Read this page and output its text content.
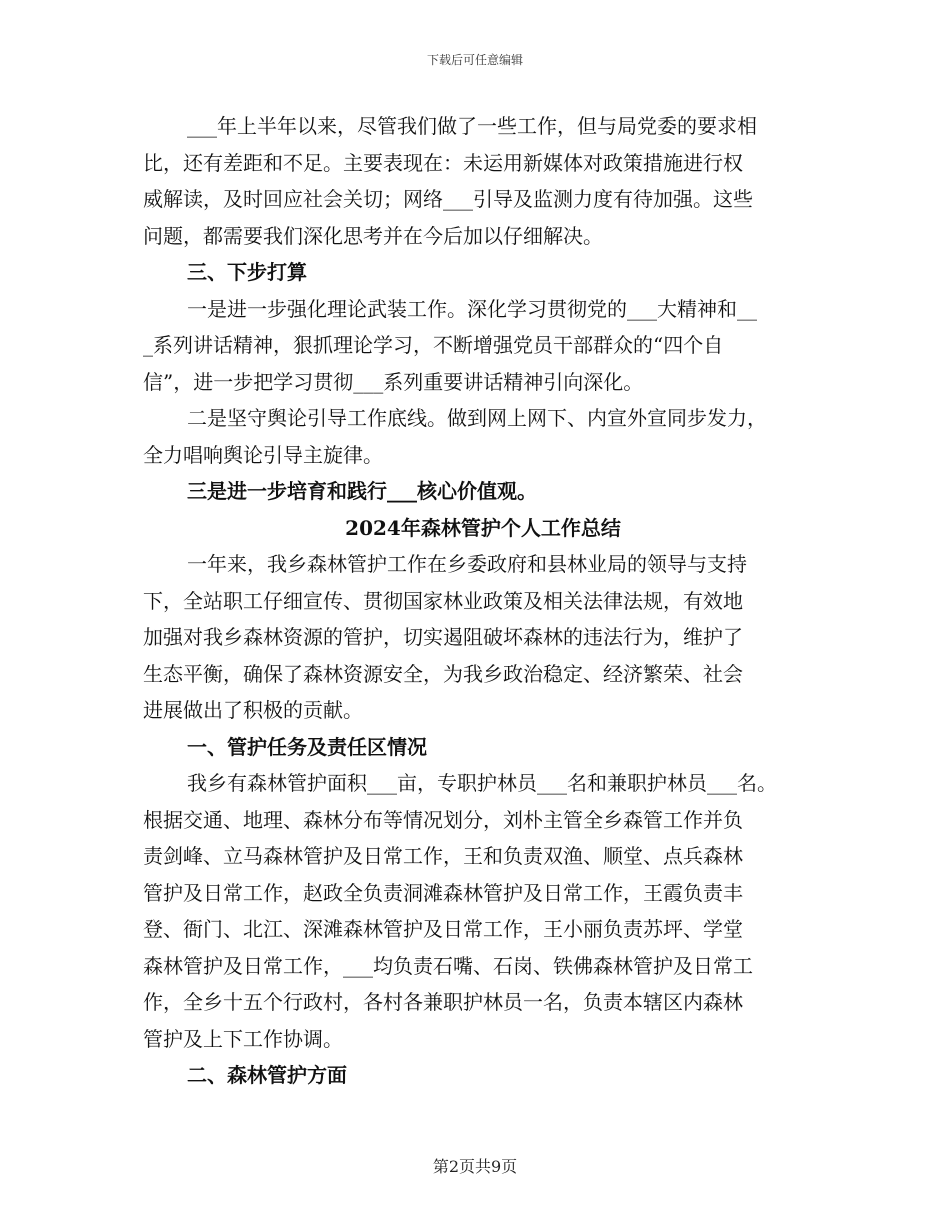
下载后可任意编辑
___年上半年以来，尽管我们做了一些工作，但与局党委的要求相
比，还有差距和不足。主要表现在：未运用新媒体对政策措施进行权
威解读，及时回应社会关切；网络___引导及监测力度有待加强。这些
问题，都需要我们深化思考并在今后加以仔细解决。
三、下步打算
一是进一步强化理论武装工作。深化学习贯彻党的___大精神和__
_系列讲话精神，狠抓理论学习，不断增强党员干部群众的“四个自
信”，进一步把学习贯彻___系列重要讲话精神引向深化。
二是坚守舆论引导工作底线。做到网上网下、内宣外宣同步发力，
全力唱响舆论引导主旋律。
三是进一步培育和践行___核心价值观。
2024年森林管护个人工作总结
一年来，我乡森林管护工作在乡委政府和县林业局的领导与支持
下，全站职工仔细宣传、贯彻国家林业政策及相关法律法规，有效地
加强对我乡森林资源的管护，切实遏阻破坏森林的违法行为，维护了
生态平衡，确保了森林资源安全，为我乡政治稳定、经济繁荣、社会
进展做出了积极的贡献。
一、管护任务及责任区情况
我乡有森林管护面积___亩，专职护林员___名和兼职护林员___名。
根据交通、地理、森林分布等情况划分，刘朴主管全乡森管工作并负
责剑峰、立马森林管护及日常工作，王和负责双渔、顺堂、点兵森林
管护及日常工作，赵政全负责洞滩森林管护及日常工作，王霞负责丰
登、衙门、北江、深滩森林管护及日常工作，王小丽负责苏坪、学堂
森林管护及日常工作，___均负责石嘴、石岗、铁佛森林管护及日常工
作，全乡十五个行政村，各村各兼职护林员一名，负责本辖区内森林
管护及上下工作协调。
二、森林管护方面
第2页共9页
